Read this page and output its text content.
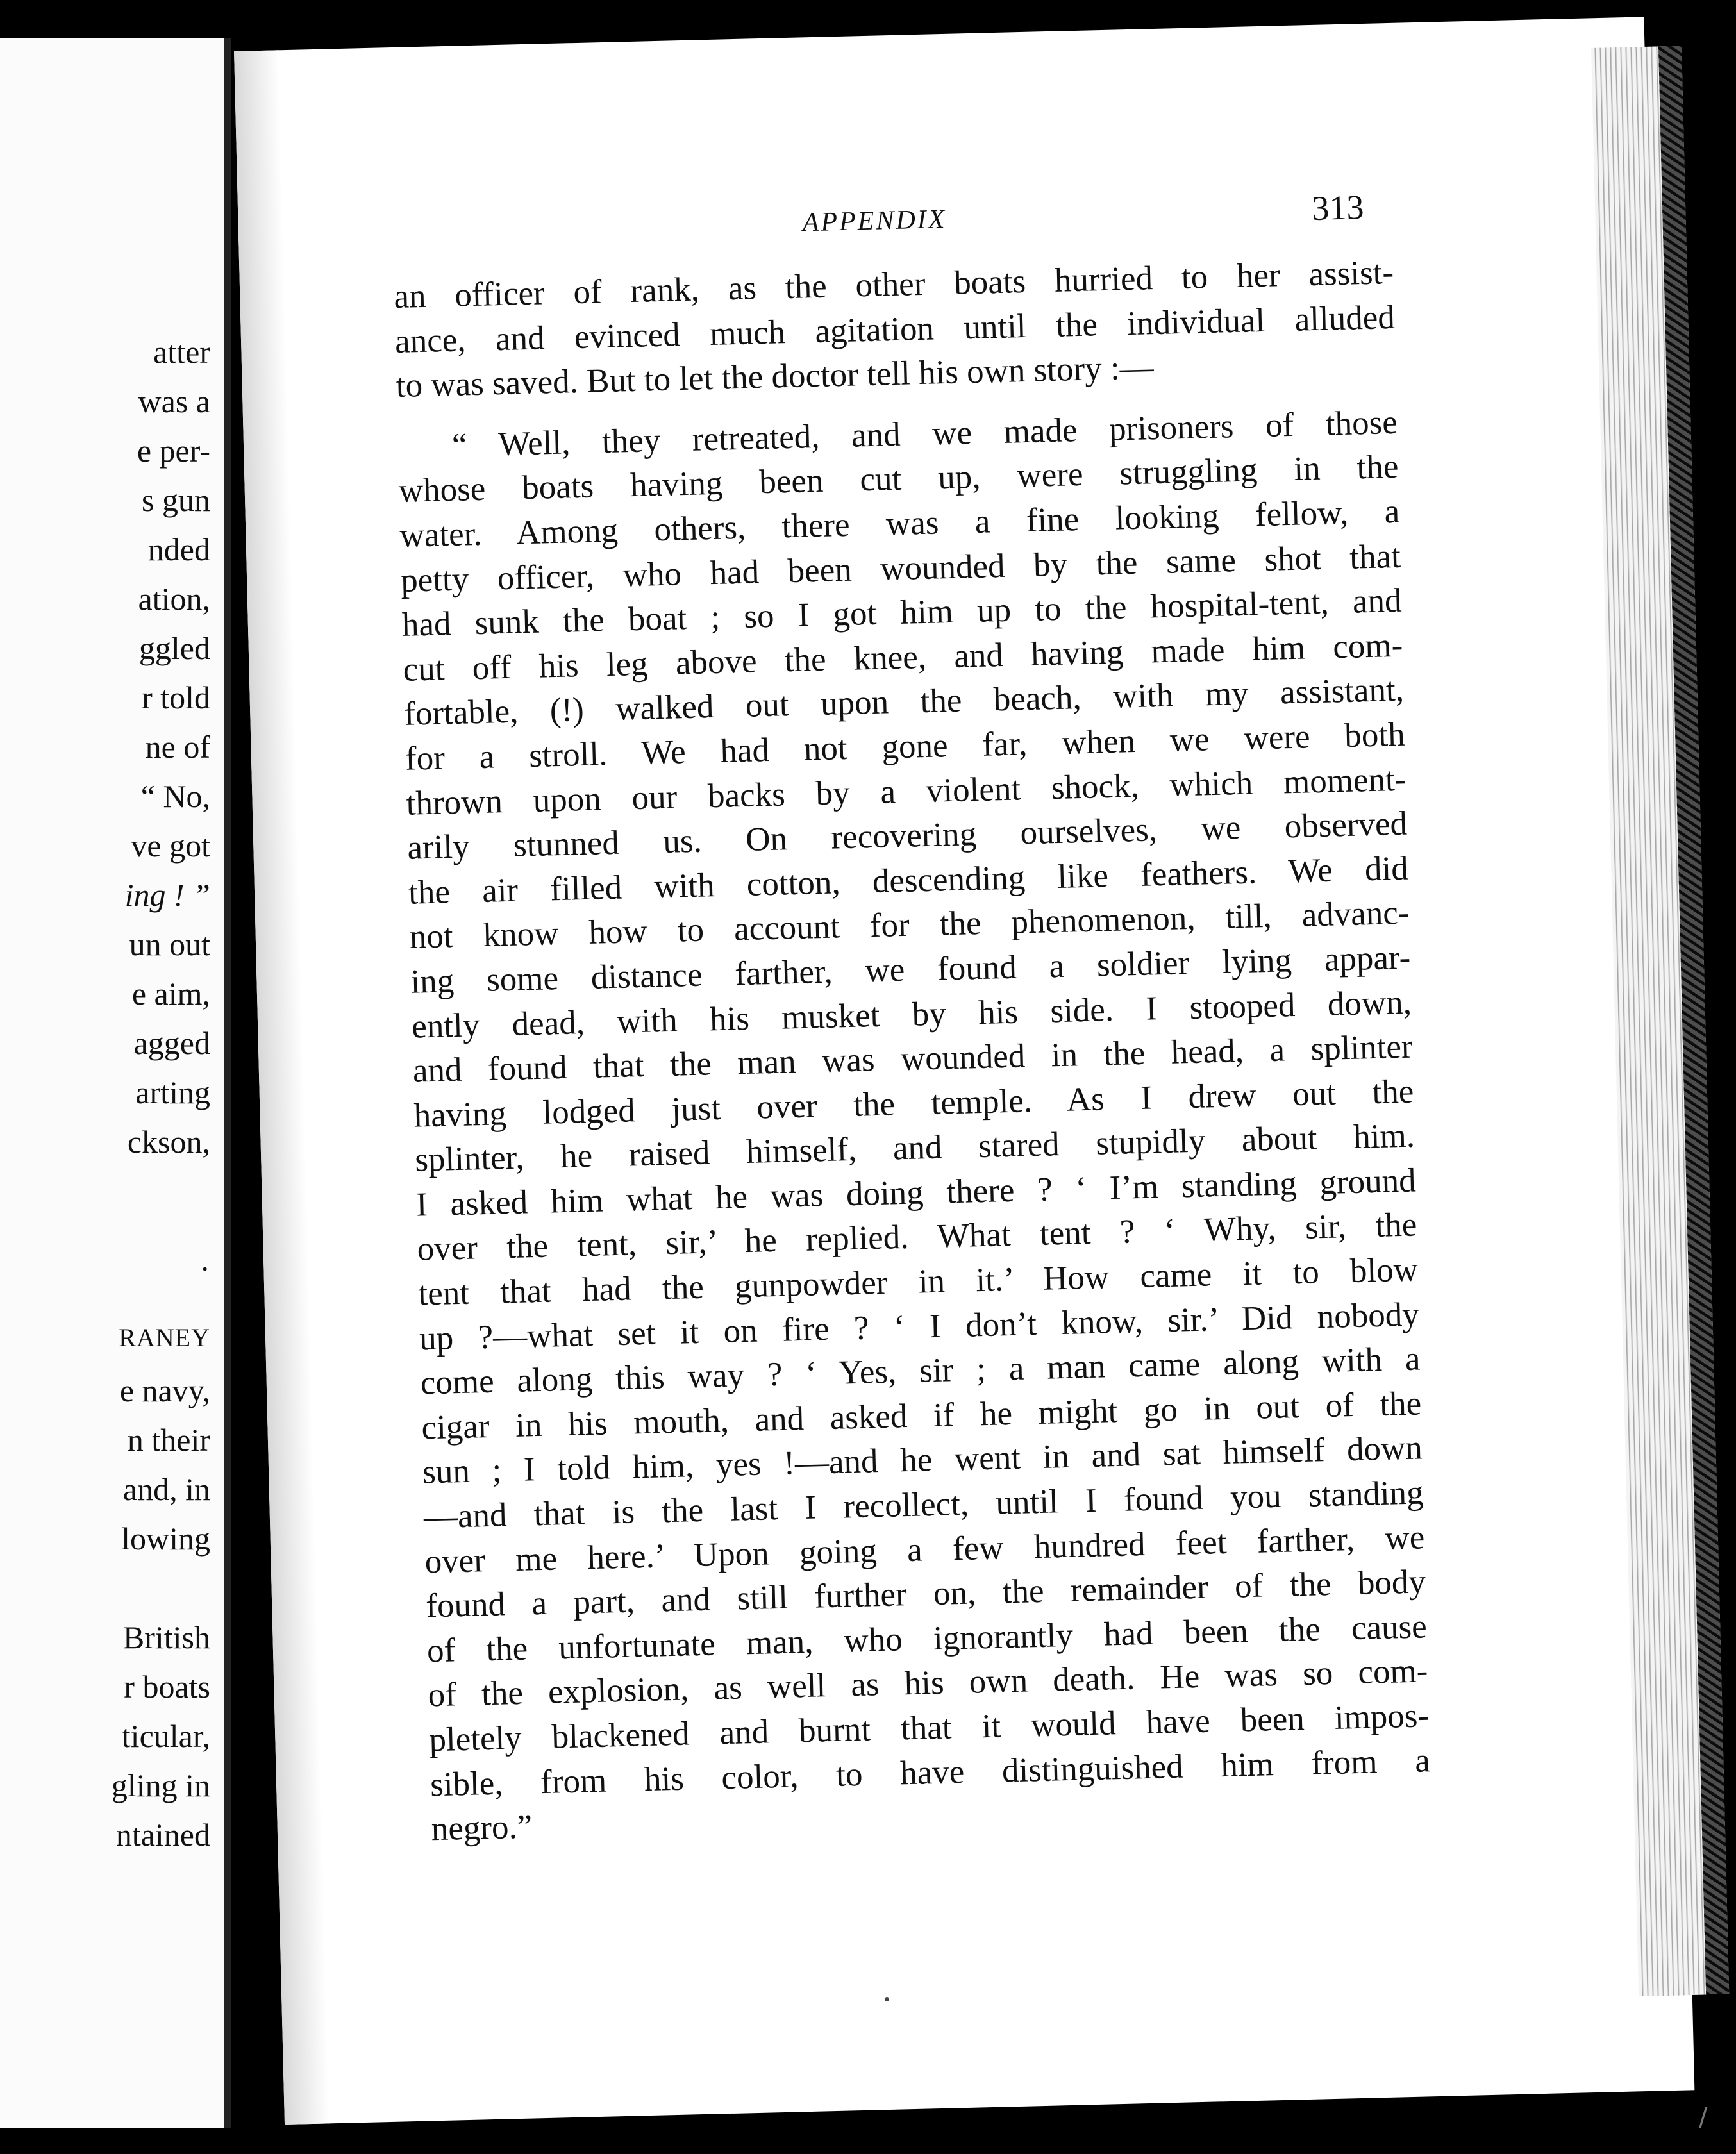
atter
was a
e per-
s gun
nded
ation,
ggled
r told
ne of
“ No,
ve got
ing ! ”
un out
e aim,
agged
arting
ckson,
·
RANEY
e navy,
n their
and, in
lowing
British
r boats
ticular,
gling in
ntained
APPENDIX	313
an officer of rank, as the other boats hurried to her assist-
ance, and evinced much agitation until the individual alluded
to was saved. But to let the doctor tell his own story :—
“ Well, they retreated, and we made prisoners of those
whose boats having been cut up, were struggling in the
water. Among others, there was a fine looking fellow, a
petty officer, who had been wounded by the same shot that
had sunk the boat ; so I got him up to the hospital-tent, and
cut off his leg above the knee, and having made him com-
fortable, (!) walked out upon the beach, with my assistant,
for a stroll. We had not gone far, when we were both
thrown upon our backs by a violent shock, which moment-
arily stunned us. On recovering ourselves, we observed
the air filled with cotton, descending like feathers. We did
not know how to account for the phenomenon, till, advanc-
ing some distance farther, we found a soldier lying appar-
ently dead, with his musket by his side. I stooped down,
and found that the man was wounded in the head, a splinter
having lodged just over the temple. As I drew out the
splinter, he raised himself, and stared stupidly about him.
I asked him what he was doing there ? ‘ I’m standing ground
over the tent, sir,’ he replied. What tent ? ‘ Why, sir, the
tent that had the gunpowder in it.’ How came it to blow
up ?—what set it on fire ? ‘ I don’t know, sir.’ Did nobody
come along this way ? ‘ Yes, sir ; a man came along with a
cigar in his mouth, and asked if he might go in out of the
sun ; I told him, yes !—and he went in and sat himself down
—and that is the last I recollect, until I found you standing
over me here.’ Upon going a few hundred feet farther, we
found a part, and still further on, the remainder of the body
of the unfortunate man, who ignorantly had been the cause
of the explosion, as well as his own death. He was so com-
pletely blackened and burnt that it would have been impos-
sible, from his color, to have distinguished him from a
negro.”
/
